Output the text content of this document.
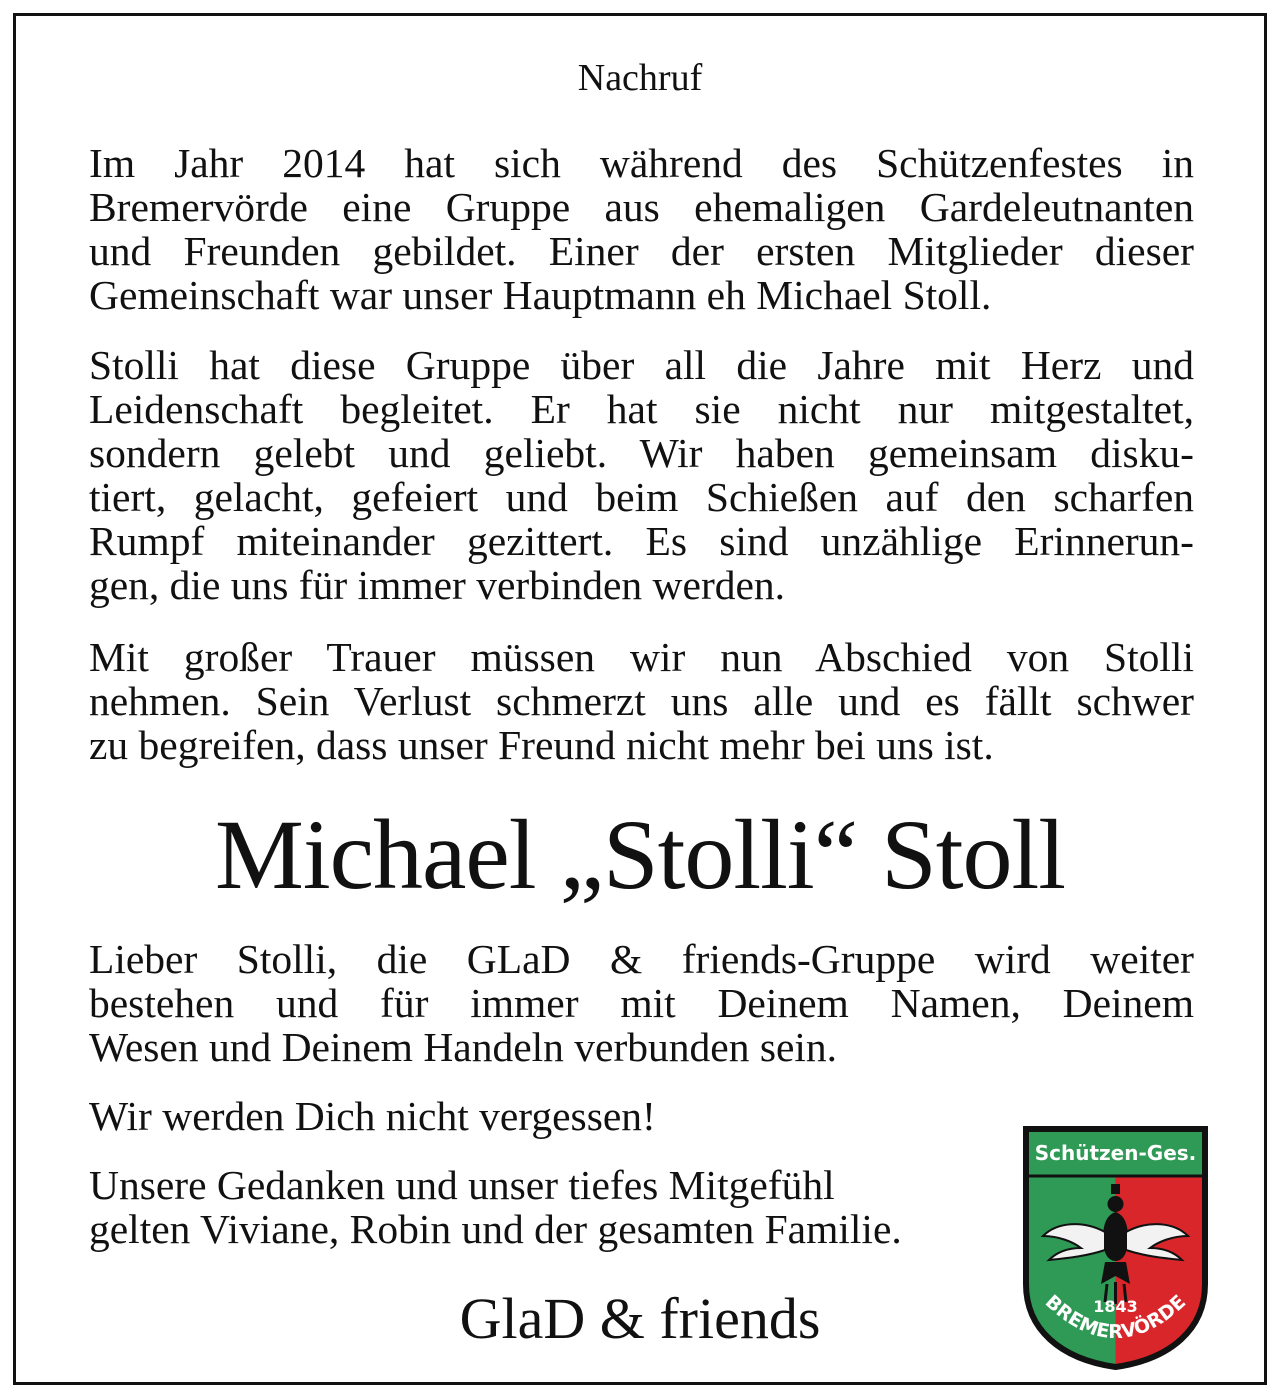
Nachruf
Im Jahr 2014 hat sich während des Schützenfestes in
Bremervörde eine Gruppe aus ehemaligen Gardeleutnanten
und Freunden gebildet. Einer der ersten Mitglieder dieser
Gemeinschaft war unser Hauptmann eh Michael Stoll.
Stolli hat diese Gruppe über all die Jahre mit Herz und
Leidenschaft begleitet. Er hat sie nicht nur mitgestaltet,
sondern gelebt und geliebt. Wir haben gemeinsam disku-
tiert, gelacht, gefeiert und beim Schießen auf den scharfen
Rumpf miteinander gezittert. Es sind unzählige Erinnerun-
gen, die uns für immer verbinden werden.
Mit großer Trauer müssen wir nun Abschied von Stolli
nehmen. Sein Verlust schmerzt uns alle und es fällt schwer
zu begreifen, dass unser Freund nicht mehr bei uns ist.
Michael „Stolli“ Stoll
Lieber Stolli, die GLaD & friends-Gruppe wird weiter
bestehen und für immer mit Deinem Namen, Deinem
Wesen und Deinem Handeln verbunden sein.
Wir werden Dich nicht vergessen!
Unsere Gedanken und unser tiefes Mitgefühl
gelten Viviane, Robin und der gesamten Familie.
GlaD & friends
Schützen-Ges.
1843
BREMERVÖRDE
